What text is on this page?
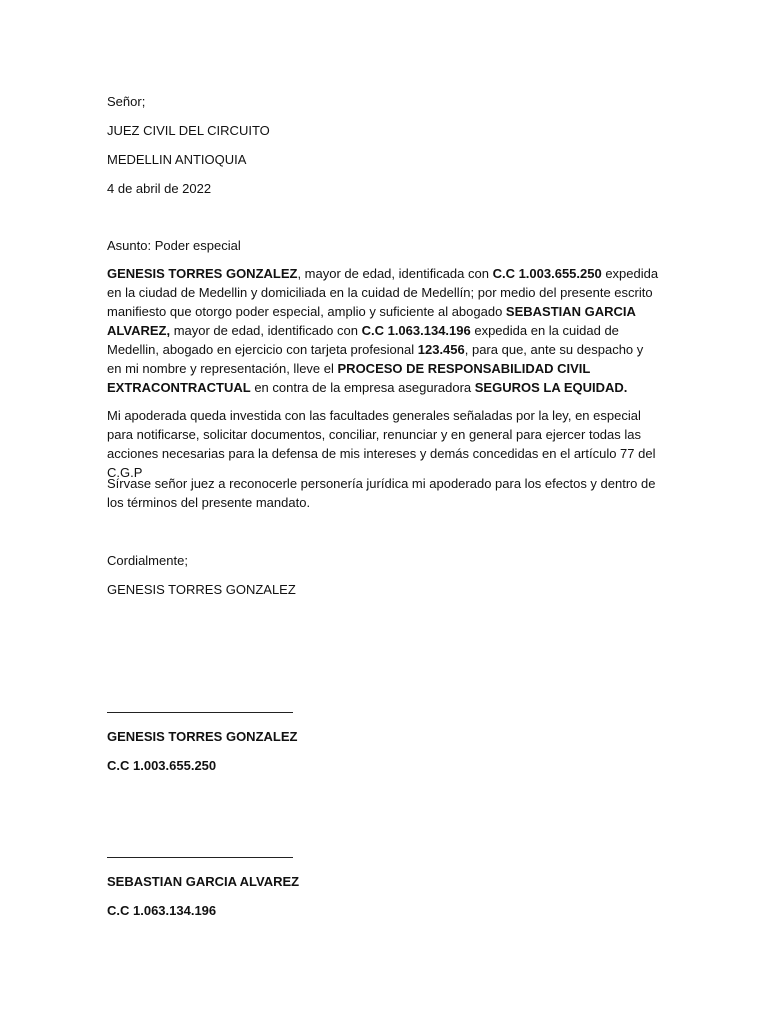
Señor;
JUEZ CIVIL DEL CIRCUITO
MEDELLIN ANTIOQUIA
4 de abril de 2022
Asunto: Poder especial
GENESIS TORRES GONZALEZ, mayor de edad, identificada con C.C 1.003.655.250 expedida en la ciudad de Medellin y domiciliada en la cuidad de Medellín; por medio del presente escrito manifiesto que otorgo poder especial, amplio y suficiente al abogado SEBASTIAN GARCIA ALVAREZ, mayor de edad, identificado con C.C 1.063.134.196 expedida en la cuidad de Medellin, abogado en ejercicio con tarjeta profesional 123.456, para que, ante su despacho y en mi nombre y representación, lleve el PROCESO DE RESPONSABILIDAD CIVIL EXTRACONTRACTUAL en contra de la empresa aseguradora SEGUROS LA EQUIDAD.
Mi apoderada queda investida con las facultades generales señaladas por la ley, en especial para notificarse, solicitar documentos, conciliar, renunciar y en general para ejercer todas las acciones necesarias para la defensa de mis intereses y demás concedidas en el artículo 77 del C.G.P
Sírvase señor juez a reconocerle personería jurídica mi apoderado para los efectos y dentro de los términos del presente mandato.
Cordialmente;
GENESIS TORRES GONZALEZ
GENESIS TORRES GONZALEZ
C.C 1.003.655.250
SEBASTIAN GARCIA ALVAREZ
C.C 1.063.134.196
